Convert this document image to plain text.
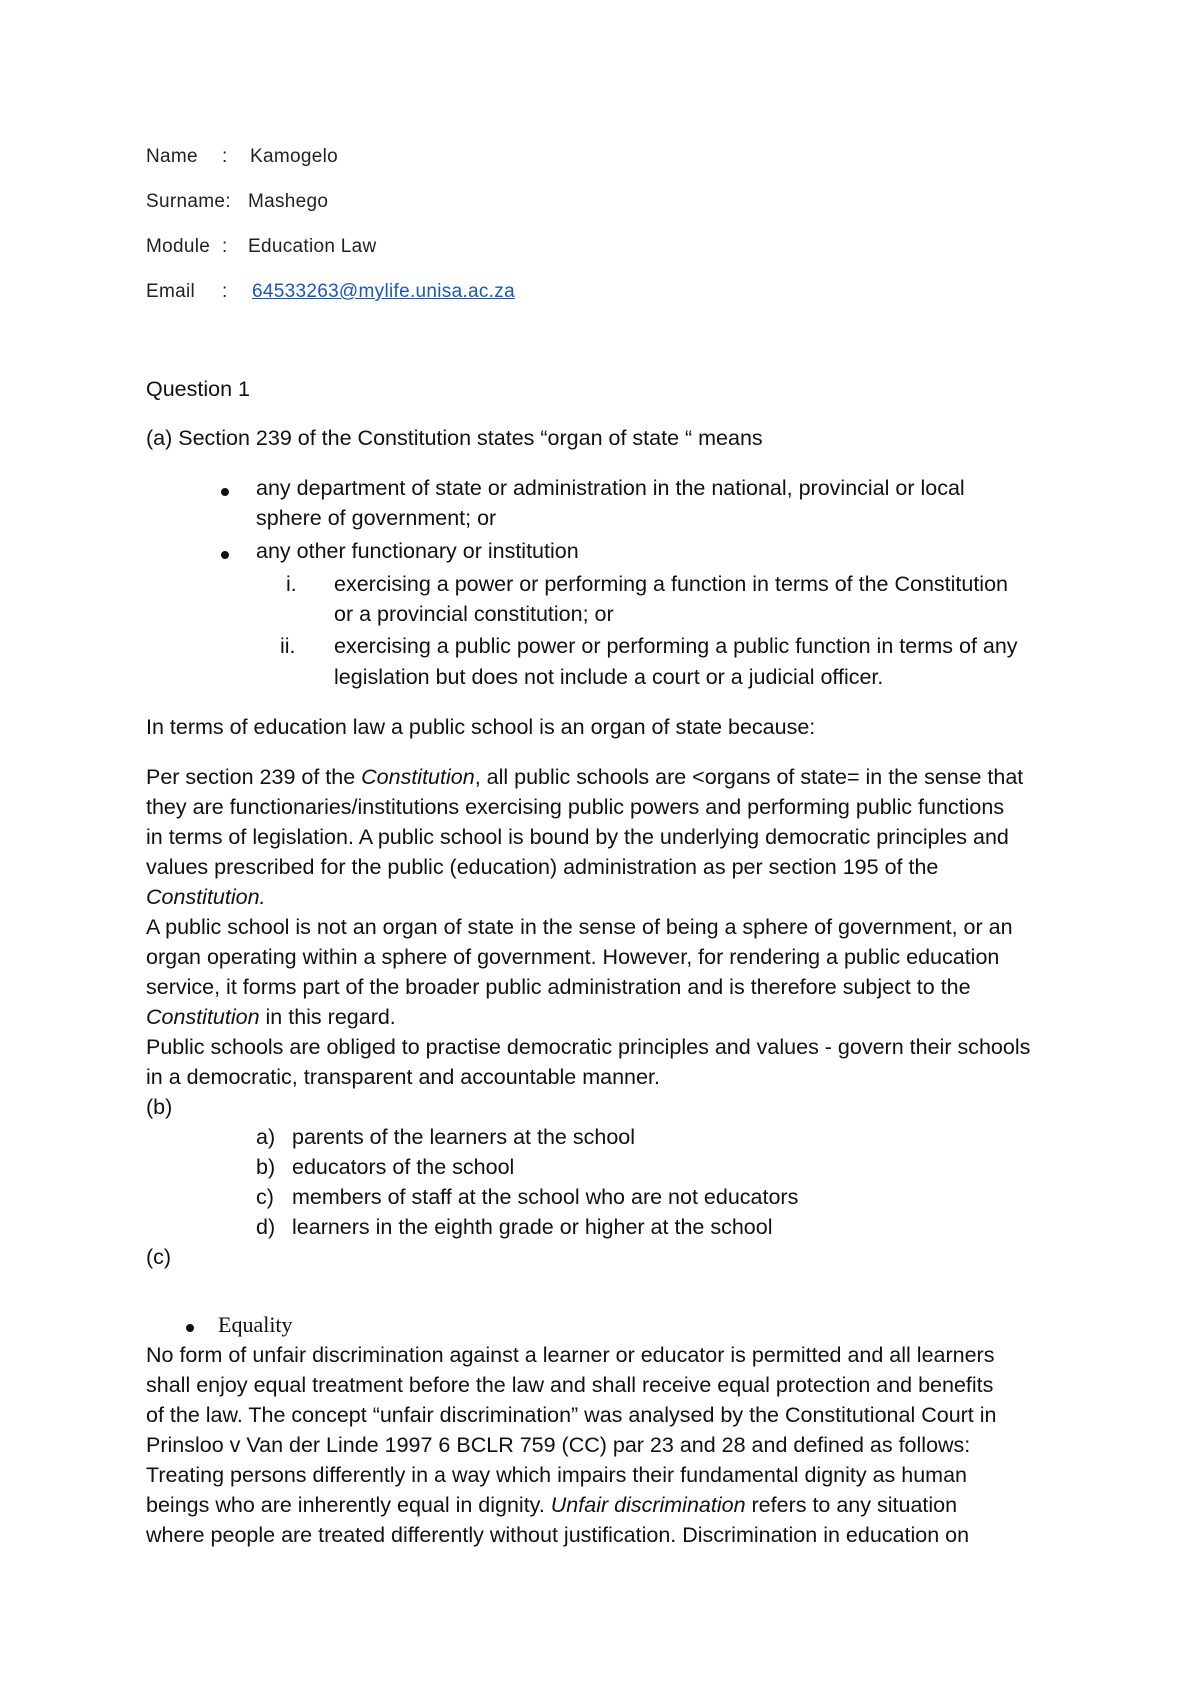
Name : Kamogelo
Surname: Mashego
Module : Education Law
Email : 64533263@mylife.unisa.ac.za
Question 1
(a) Section 239 of the Constitution states “organ of state “ means
any department of state or administration in the national, provincial or local
sphere of government; or
any other functionary or institution
i. exercising a power or performing a function in terms of the Constitution
or a provincial constitution; or
ii. exercising a public power or performing a public function in terms of any
legislation but does not include a court or a judicial officer.
In terms of education law a public school is an organ of state because:
Per section 239 of the Constitution, all public schools are <organs of state= in the sense that
they are functionaries/institutions exercising public powers and performing public functions
in terms of legislation. A public school is bound by the underlying democratic principles and
values prescribed for the public (education) administration as per section 195 of the
Constitution.
A public school is not an organ of state in the sense of being a sphere of government, or an
organ operating within a sphere of government. However, for rendering a public education
service, it forms part of the broader public administration and is therefore subject to the
Constitution in this regard.
Public schools are obliged to practise democratic principles and values - govern their schools
in a democratic, transparent and accountable manner.
(b)
a) parents of the learners at the school
b) educators of the school
c) members of staff at the school who are not educators
d) learners in the eighth grade or higher at the school
(c)
Equality
No form of unfair discrimination against a learner or educator is permitted and all learners
shall enjoy equal treatment before the law and shall receive equal protection and benefits
of the law. The concept “unfair discrimination” was analysed by the Constitutional Court in
Prinsloo v Van der Linde 1997 6 BCLR 759 (CC) par 23 and 28 and defined as follows:
Treating persons differently in a way which impairs their fundamental dignity as human
beings who are inherently equal in dignity. Unfair discrimination refers to any situation
where people are treated differently without justification. Discrimination in education on
